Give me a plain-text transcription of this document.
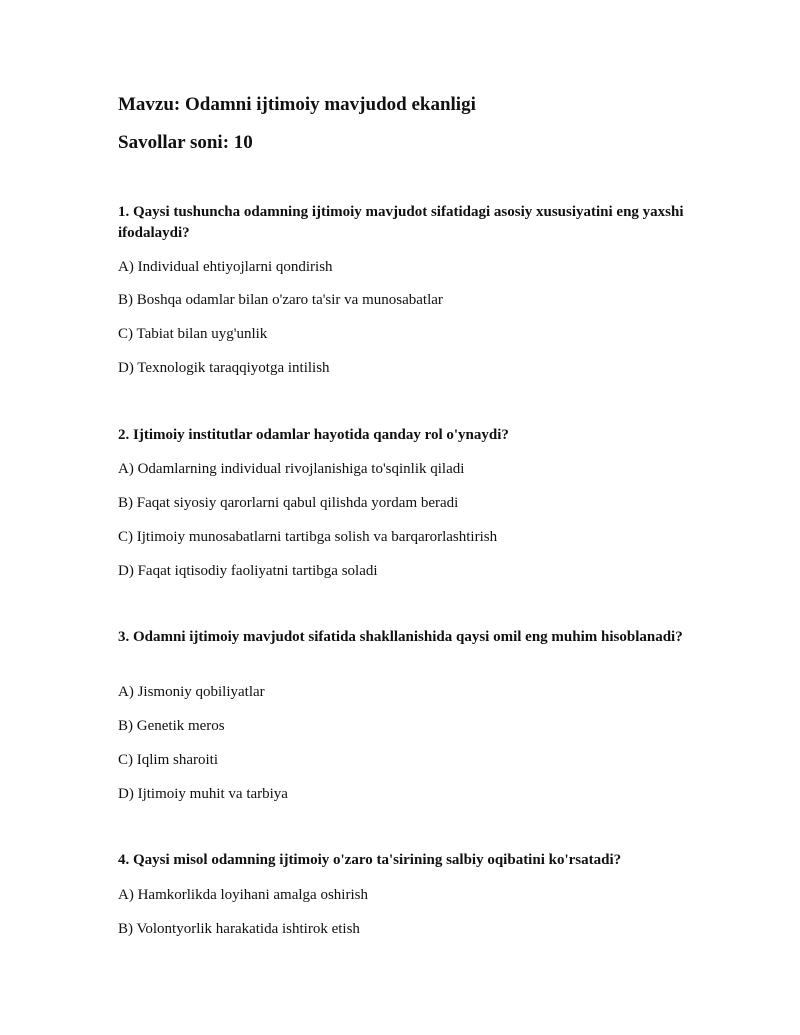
Mavzu: Odamni ijtimoiy mavjudod ekanligi
Savollar soni: 10

1. Qaysi tushuncha odamning ijtimoiy mavjudot sifatidagi asosiy xususiyatini eng yaxshi ifodalaydi?

A) Individual ehtiyojlarni qondirish

B) Boshqa odamlar bilan o'zaro ta'sir va munosabatlar

C) Tabiat bilan uyg'unlik

D) Texnologik taraqqiyotga intilish

2. Ijtimoiy institutlar odamlar hayotida qanday rol o'ynaydi?

A) Odamlarning individual rivojlanishiga to'sqinlik qiladi

B) Faqat siyosiy qarorlarni qabul qilishda yordam beradi

C) Ijtimoiy munosabatlarni tartibga solish va barqarorlashtirish

D) Faqat iqtisodiy faoliyatni tartibga soladi

3. Odamni ijtimoiy mavjudot sifatida shakllanishida qaysi omil eng muhim hisoblanadi?

A) Jismoniy qobiliyatlar

B) Genetik meros

C) Iqlim sharoiti

D) Ijtimoiy muhit va tarbiya

4. Qaysi misol odamning ijtimoiy o'zaro ta'sirining salbiy oqibatini ko'rsatadi?

A) Hamkorlikda loyihani amalga oshirish

B) Volontyorlik harakatida ishtirok etish
